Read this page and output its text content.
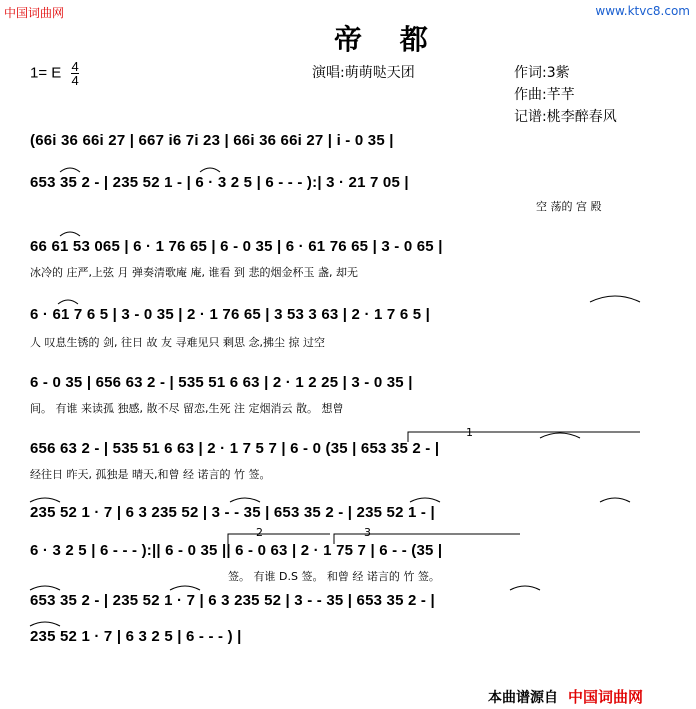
中国词曲网	www.ktvc8.com
帝 都
1= E $\frac{4}{4}$	演唱:萌萌哒天团	作词:3紫
作曲:芊芊
记谱:桃李醉春风
(66i 36 66i 27 | 667 i6 7i 23 | 66i 36 66i 27 | i - 0 35 |
653 35 2 - | 235 52 1 - | 6 · 3 2 5 | 6 - - - ):| 3 · 21 7 05 |
空 荡的 宫 殿
66 61 53 065 | 6 · 1 76 65 | 6 - 0 35 | 6 · 61 76 65 | 3 - 0 65 |
冰冷的 庄严,上弦 月 弹奏清歌庵 庵, 谁看 到 悲的烟金杯玉 盏, 却无
6 · 61 7 6 5 | 3 - 0 35 | 2 · 1 76 65 | 3 53 3 63 | 2 · 1 7 6 5 |
人 叹息生锈的 剑, 往日 故 友 寻难见只 剩思 念,拂尘 掠 过空
6 - 0 35 | 656 63 2 - | 535 51 6 63 | 2 · 1 2 25 | 3 - 0 35 |
间。 有谁 来读孤 独感, 散不尽 留恋,生死 注 定烟消云 散。 想曾
656 63 2 - | 535 51 6 63 | 2 · 1 7 5 7 | 6 - 0 (35 | 653 35 2 - |
经往日 昨天, 孤独是 晴天,和曾 经 诺言的 竹 签。
235 52 1 · 7 | 6 3 235 52 | 3 - - 35 | 653 35 2 - | 235 52 1 - |
6 · 3 2 5 | 6 - - - ):|| 6 - 0 35 || 6 - 0 63 | 2 · 1 75 7 | 6 - - (35 |
签。 有谁 D.S 签。 和曾 经 诺言的 竹 签。
653 35 2 - | 235 52 1 · 7 | 6 3 235 52 | 3 - - 35 | 653 35 2 - |
235 52 1 · 7 | 6 3 2 5 | 6 - - - ) |
1
2	3
本曲谱源自 中国词曲网
